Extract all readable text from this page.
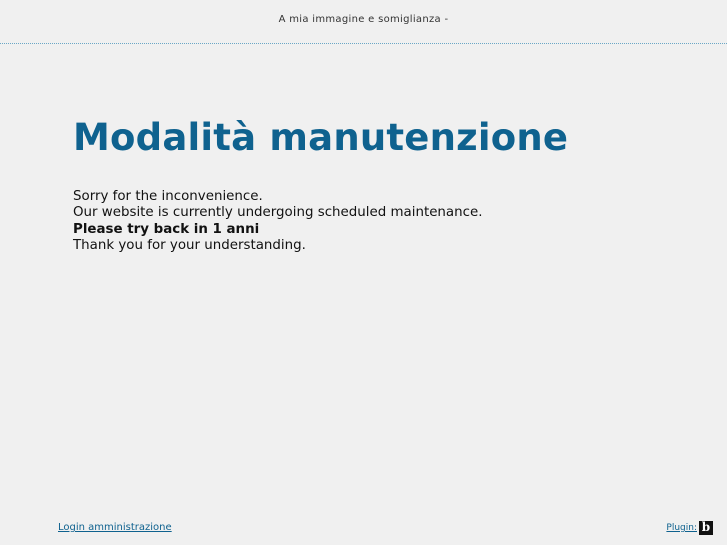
A mia immagine e somiglianza -
Modalità manutenzione
Sorry for the inconvenience.
Our website is currently undergoing scheduled maintenance.
Please try back in 1 anni
Thank you for your understanding.
Login amministrazione	Plugin: b
